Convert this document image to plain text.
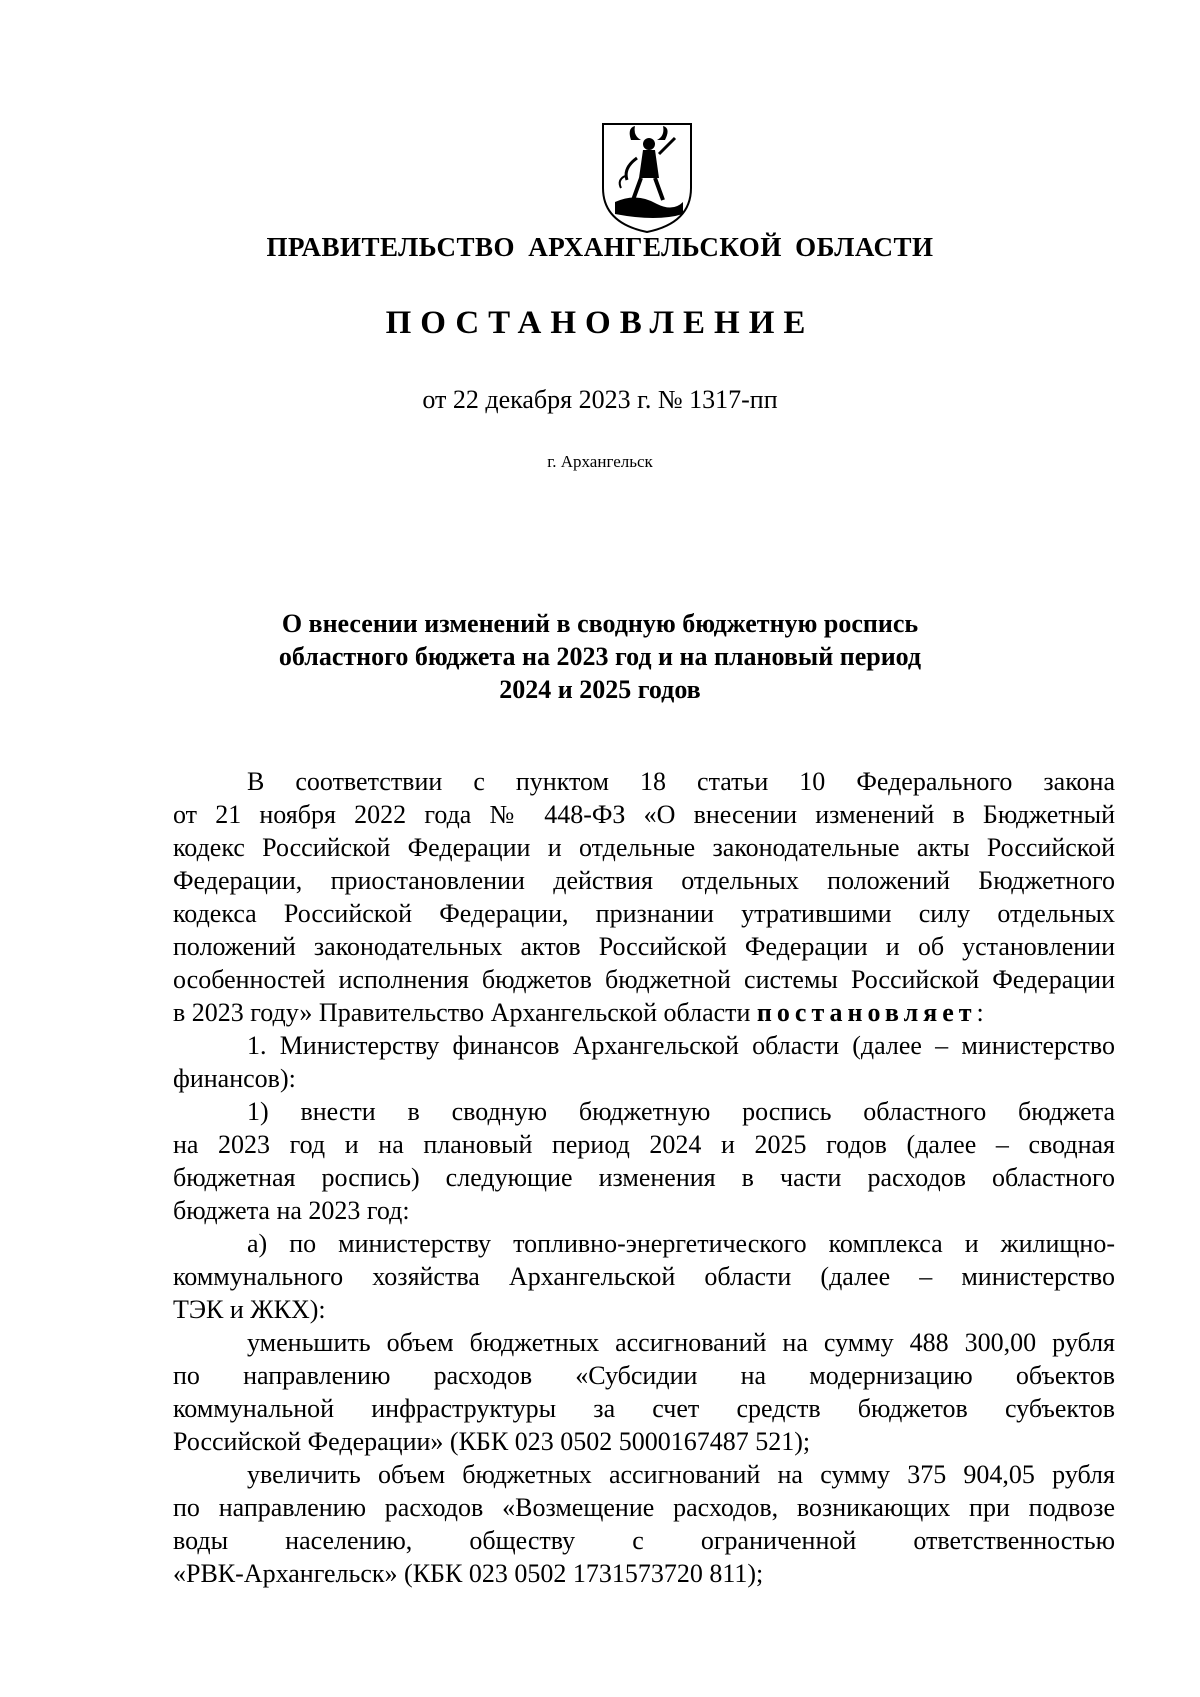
ПРАВИТЕЛЬСТВО АРХАНГЕЛЬСКОЙ ОБЛАСТИ
ПОСТАНОВЛЕНИЕ
от 22 декабря 2023 г. № 1317-пп
г. Архангельск
О внесении изменений в сводную бюджетную роспись
областного бюджета на 2023 год и на плановый период
2024 и 2025 годов
В соответствии с пунктом 18 статьи 10 Федерального закона
от 21 ноября 2022 года № 448-ФЗ «О внесении изменений в Бюджетный
кодекс Российской Федерации и отдельные законодательные акты Российской
Федерации, приостановлении действия отдельных положений Бюджетного
кодекса Российской Федерации, признании утратившими силу отдельных
положений законодательных актов Российской Федерации и об установлении
особенностей исполнения бюджетов бюджетной системы Российской Федерации
в 2023 году» Правительство Архангельской области постановляет:
1. Министерству финансов Архангельской области (далее – министерство
финансов):
1) внести в сводную бюджетную роспись областного бюджета
на 2023 год и на плановый период 2024 и 2025 годов (далее – сводная
бюджетная роспись) следующие изменения в части расходов областного
бюджета на 2023 год:
а) по министерству топливно-энергетического комплекса и жилищно-
коммунального хозяйства Архангельской области (далее – министерство
ТЭК и ЖКХ):
уменьшить объем бюджетных ассигнований на сумму 488 300,00 рубля
по направлению расходов «Субсидии на модернизацию объектов
коммунальной инфраструктуры за счет средств бюджетов субъектов
Российской Федерации» (КБК 023 0502 5000167487 521);
увеличить объем бюджетных ассигнований на сумму 375 904,05 рубля
по направлению расходов «Возмещение расходов, возникающих при подвозе
воды населению, обществу с ограниченной ответственностью
«РВК-Архангельск» (КБК 023 0502 1731573720 811);
